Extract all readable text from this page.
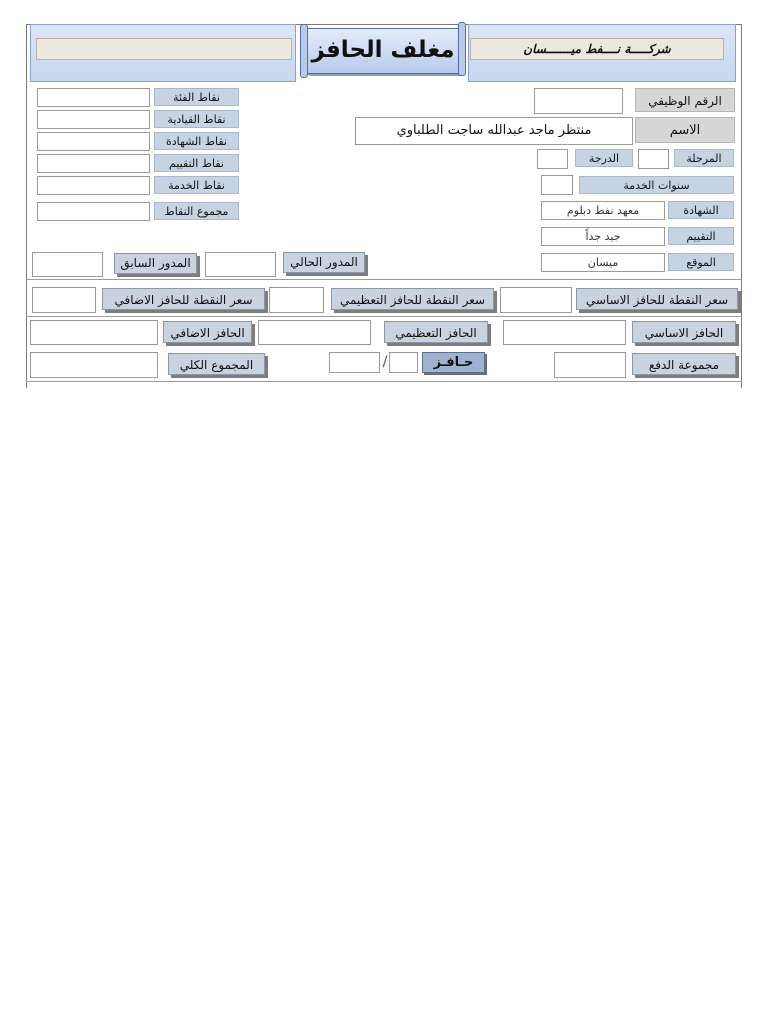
شركـــــة نــــفط ميـــــــسان
مغلف الحافز
الرقم الوظيفي
الاسم
منتظر ماجد عبدالله ساجت الطلباوي
المرحلة
الدرجة
سنوات الخدمة
الشهادة
معهد نفط دبلوم
التقييم
جيد جداً
الموقع
ميسان
نقاط الفئة
نقاط القيادية
نقاط الشهادة
نقاط التقييم
نقاط الخدمة
مجموع النقاط
المدور السابق	المدور الحالي
سعر النقطة للحافز الاضافي	سعر النقطة للحافز التعظيمي	سعر النقطة للحافز الاساسي
الحافز الاضافي	الحافز التعظيمي	الحافز الاساسي
المجموع الكلي	/	حـافـز	مجموعة الدفع
